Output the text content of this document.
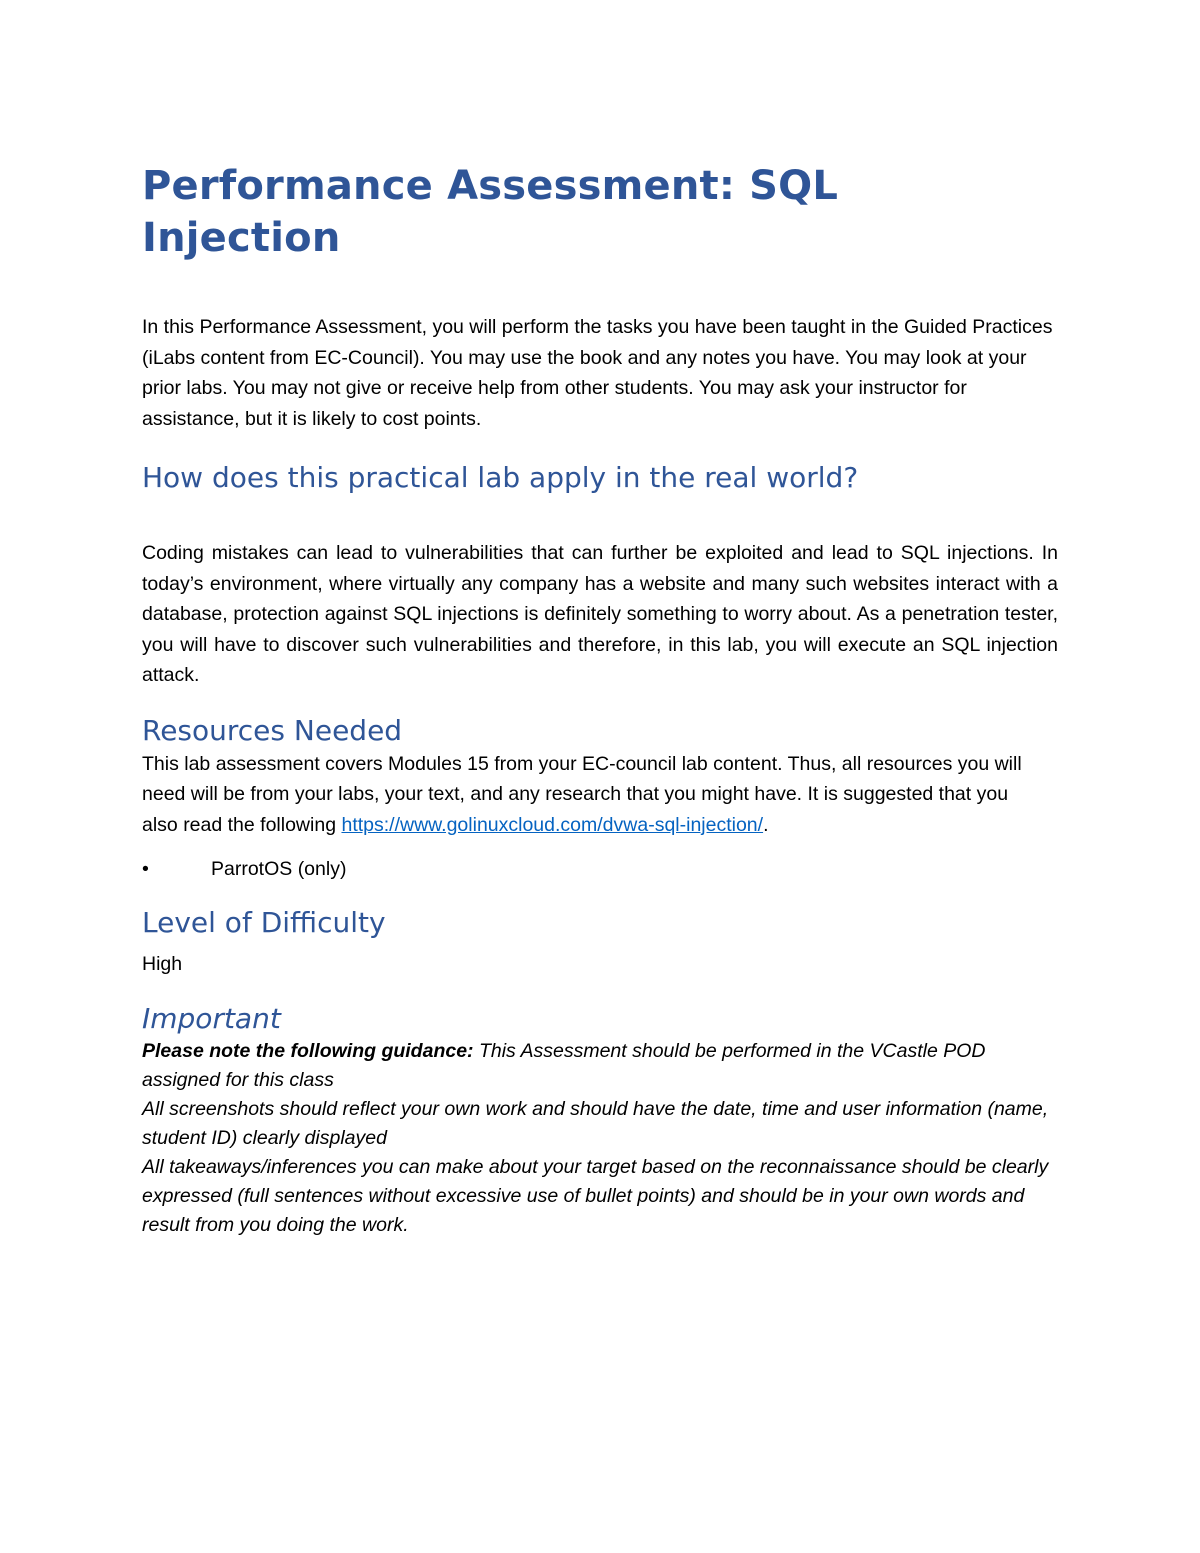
Performance Assessment: SQL
Injection

In this Performance Assessment, you will perform the tasks you have been taught in the Guided Practices (iLabs content from EC-Council). You may use the book and any notes you have. You may look at your prior labs. You may not give or receive help from other students. You may ask your instructor for assistance, but it is likely to cost points.

How does this practical lab apply in the real world?

Coding mistakes can lead to vulnerabilities that can further be exploited and lead to SQL injections. In today’s environment, where virtually any company has a website and many such websites interact with a database, protection against SQL injections is definitely something to worry about. As a penetration tester, you will have to discover such vulnerabilities and therefore, in this lab, you will execute an SQL injection attack.

Resources Needed

This lab assessment covers Modules 15 from your EC-council lab content. Thus, all resources you will need will be from your labs, your text, and any research that you might have. It is suggested that you also read the following https://www.golinuxcloud.com/dvwa-sql-injection/.

•	ParrotOS (only)
Level of Difficulty

High

Important

Please note the following guidance: This Assessment should be performed in the VCastle POD assigned for this class

All screenshots should reflect your own work and should have the date, time and user information (name, student ID) clearly displayed

All takeaways/inferences you can make about your target based on the reconnaissance should be clearly expressed (full sentences without excessive use of bullet points) and should be in your own words and result from you doing the work.
